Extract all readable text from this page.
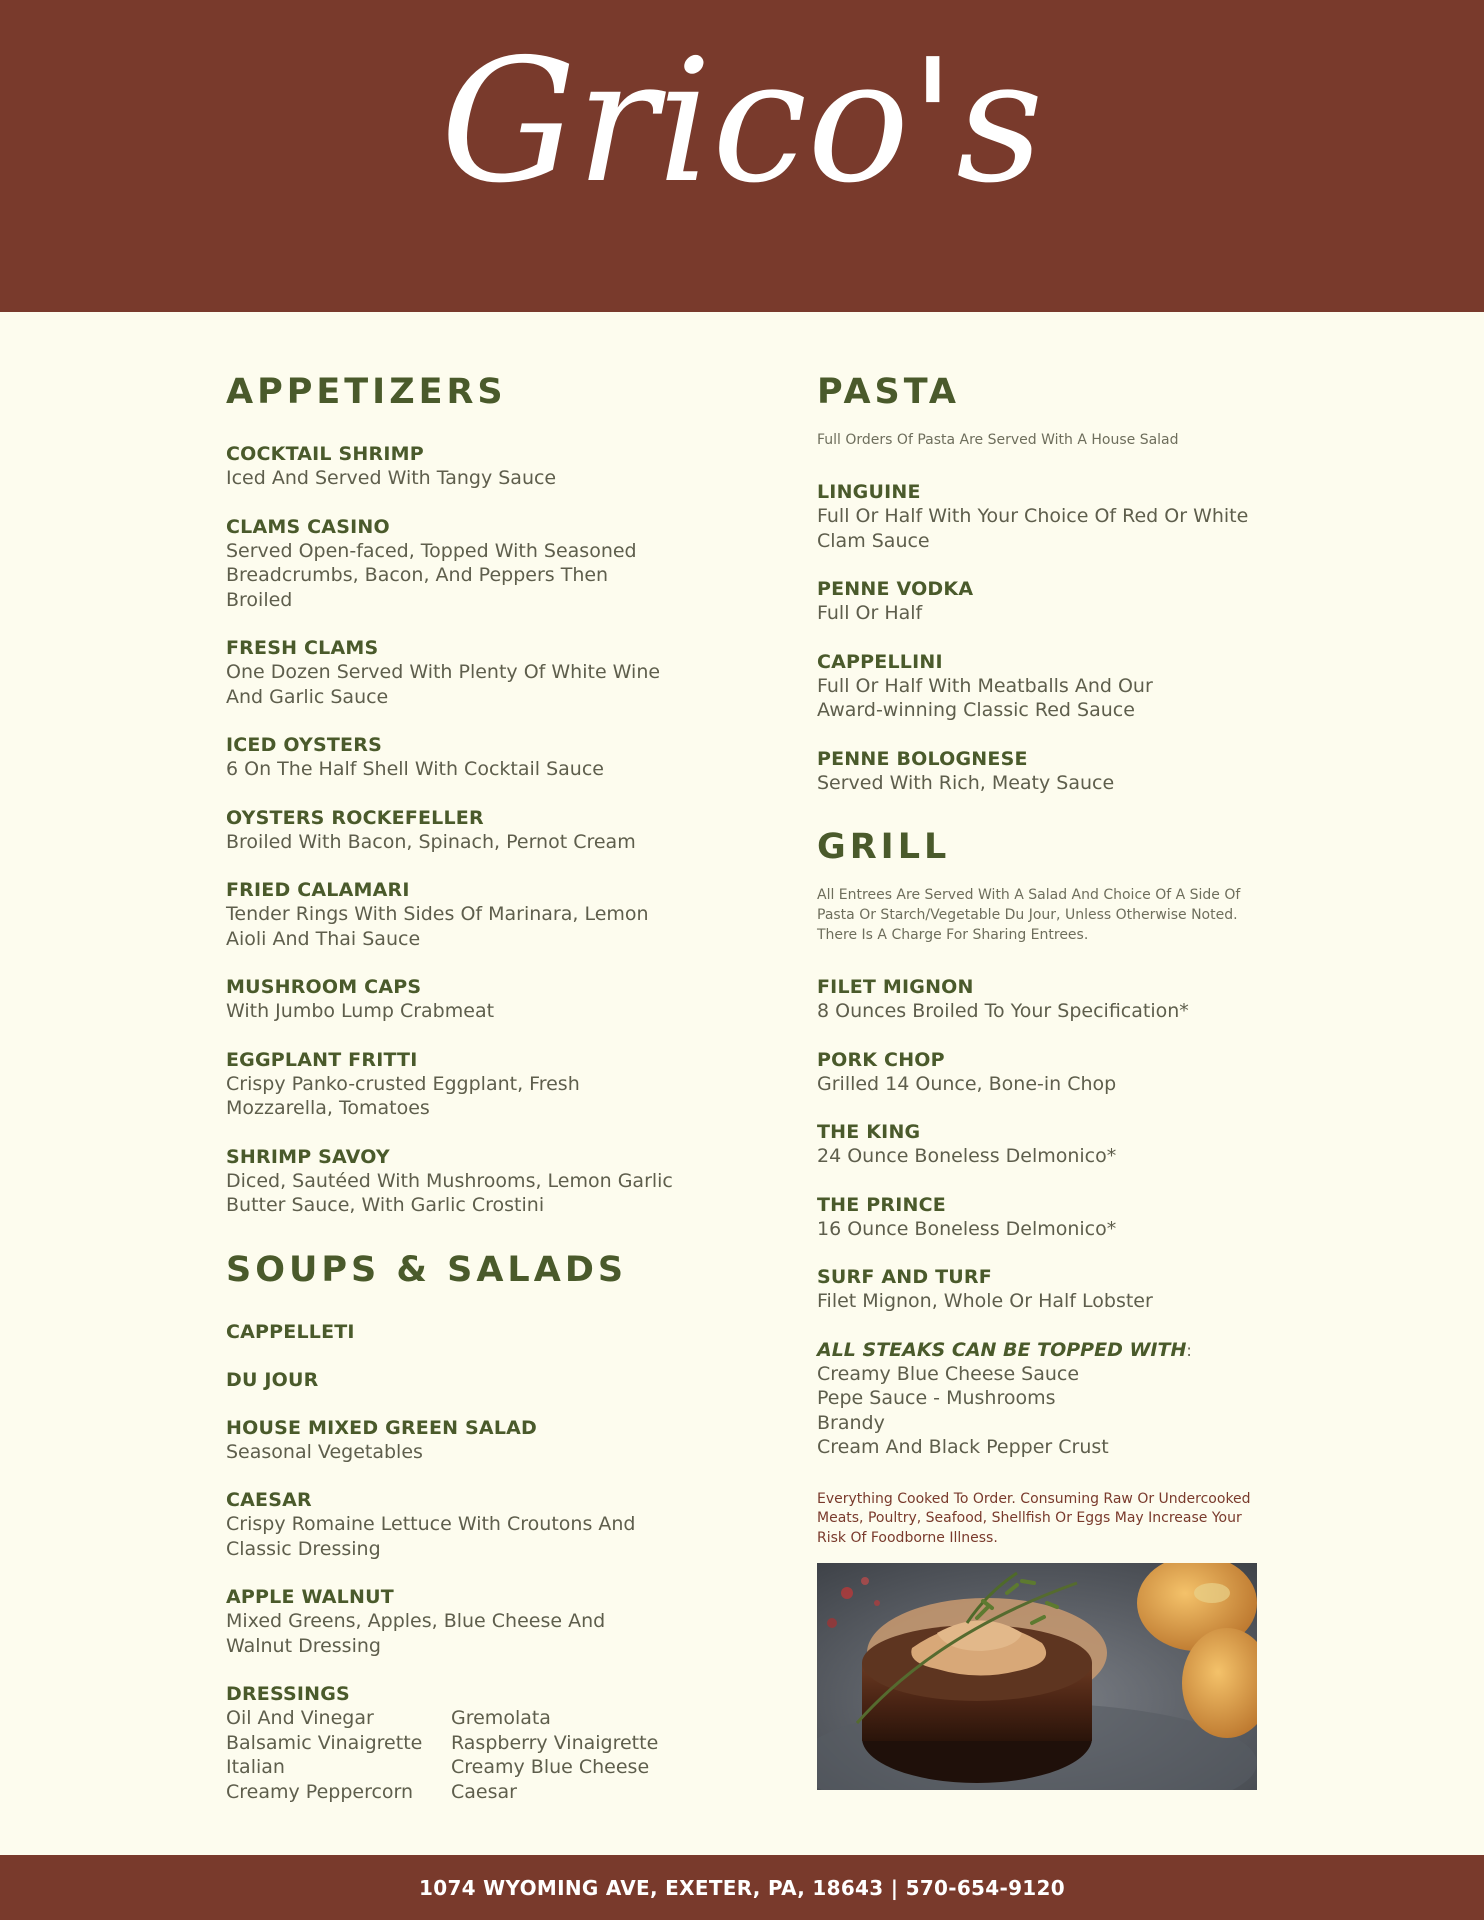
Grico's
APPETIZERS
COCKTAIL SHRIMP
Iced And Served With Tangy Sauce
CLAMS CASINO
Served Open-faced, Topped With Seasoned
Breadcrumbs, Bacon, And Peppers Then
Broiled
FRESH CLAMS
One Dozen Served With Plenty Of White Wine
And Garlic Sauce
ICED OYSTERS
6 On The Half Shell With Cocktail Sauce
OYSTERS ROCKEFELLER
Broiled With Bacon, Spinach, Pernot Cream
FRIED CALAMARI
Tender Rings With Sides Of Marinara, Lemon
Aioli And Thai Sauce
MUSHROOM CAPS
With Jumbo Lump Crabmeat
EGGPLANT FRITTI
Crispy Panko-crusted Eggplant, Fresh
Mozzarella, Tomatoes
SHRIMP SAVOY
Diced, Sautéed With Mushrooms, Lemon Garlic
Butter Sauce, With Garlic Crostini
SOUPS & SALADS
CAPPELLETI
DU JOUR
HOUSE MIXED GREEN SALAD
Seasonal Vegetables
CAESAR
Crispy Romaine Lettuce With Croutons And
Classic Dressing
APPLE WALNUT
Mixed Greens, Apples, Blue Cheese And
Walnut Dressing
DRESSINGS
Oil And Vinegar
Balsamic Vinaigrette
Italian
Creamy Peppercorn
Gremolata
Raspberry Vinaigrette
Creamy Blue Cheese
Caesar
PASTA
Full Orders Of Pasta Are Served With A House Salad
LINGUINE
Full Or Half With Your Choice Of Red Or White
Clam Sauce
PENNE VODKA
Full Or Half
CAPPELLINI
Full Or Half With Meatballs And Our
Award-winning Classic Red Sauce
PENNE BOLOGNESE
Served With Rich, Meaty Sauce
GRILL
All Entrees Are Served With A Salad And Choice Of A Side Of
Pasta Or Starch/Vegetable Du Jour, Unless Otherwise Noted.
There Is A Charge For Sharing Entrees.
FILET MIGNON
8 Ounces Broiled To Your Specification*
PORK CHOP
Grilled 14 Ounce, Bone-in Chop
THE KING
24 Ounce Boneless Delmonico*
THE PRINCE
16 Ounce Boneless Delmonico*
SURF AND TURF
Filet Mignon, Whole Or Half Lobster
ALL STEAKS CAN BE TOPPED WITH:
Creamy Blue Cheese Sauce
Pepe Sauce - Mushrooms
Brandy
Cream And Black Pepper Crust
Everything Cooked To Order. Consuming Raw Or Undercooked
Meats, Poultry, Seafood, Shellfish Or Eggs May Increase Your
Risk Of Foodborne Illness.
1074 WYOMING AVE, EXETER, PA, 18643 | 570-654-9120
